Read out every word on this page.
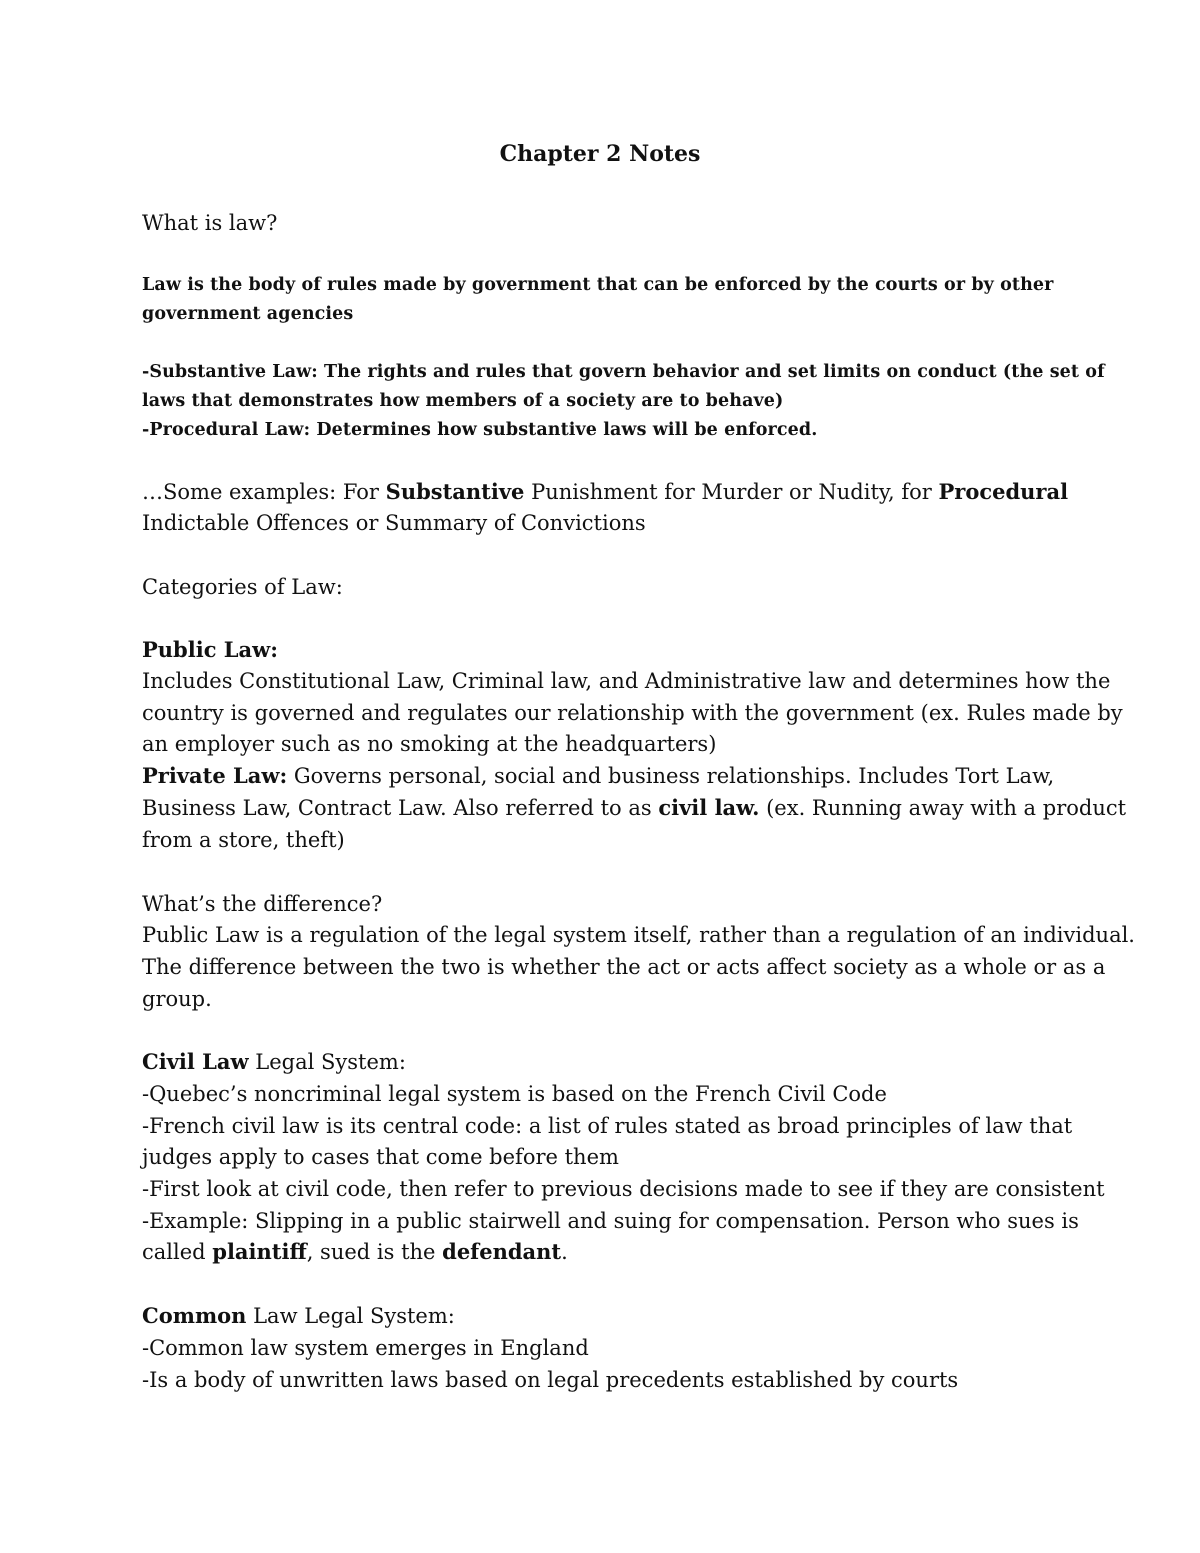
Chapter 2 Notes

What is law?

Law is the body of rules made by government that can be enforced by the courts or by other

government agencies

-Substantive Law: The rights and rules that govern behavior and set limits on conduct (the set of

laws that demonstrates how members of a society are to behave)

-Procedural Law: Determines how substantive laws will be enforced.

…Some examples: For Substantive Punishment for Murder or Nudity, for Procedural

Indictable Offences or Summary of Convictions

Categories of Law:

Public Law:

Includes Constitutional Law, Criminal law, and Administrative law and determines how the

country is governed and regulates our relationship with the government (ex. Rules made by

an employer such as no smoking at the headquarters)

Private Law: Governs personal, social and business relationships. Includes Tort Law,

Business Law, Contract Law. Also referred to as civil law. (ex. Running away with a product

from a store, theft)

What’s the difference?

Public Law is a regulation of the legal system itself, rather than a regulation of an individual.

The difference between the two is whether the act or acts affect society as a whole or as a

group.

Civil Law Legal System:

-Quebec’s noncriminal legal system is based on the French Civil Code

-French civil law is its central code: a list of rules stated as broad principles of law that

judges apply to cases that come before them

-First look at civil code, then refer to previous decisions made to see if they are consistent

-Example: Slipping in a public stairwell and suing for compensation. Person who sues is

called plaintiff, sued is the defendant.

Common Law Legal System:

-Common law system emerges in England

-Is a body of unwritten laws based on legal precedents established by courts
